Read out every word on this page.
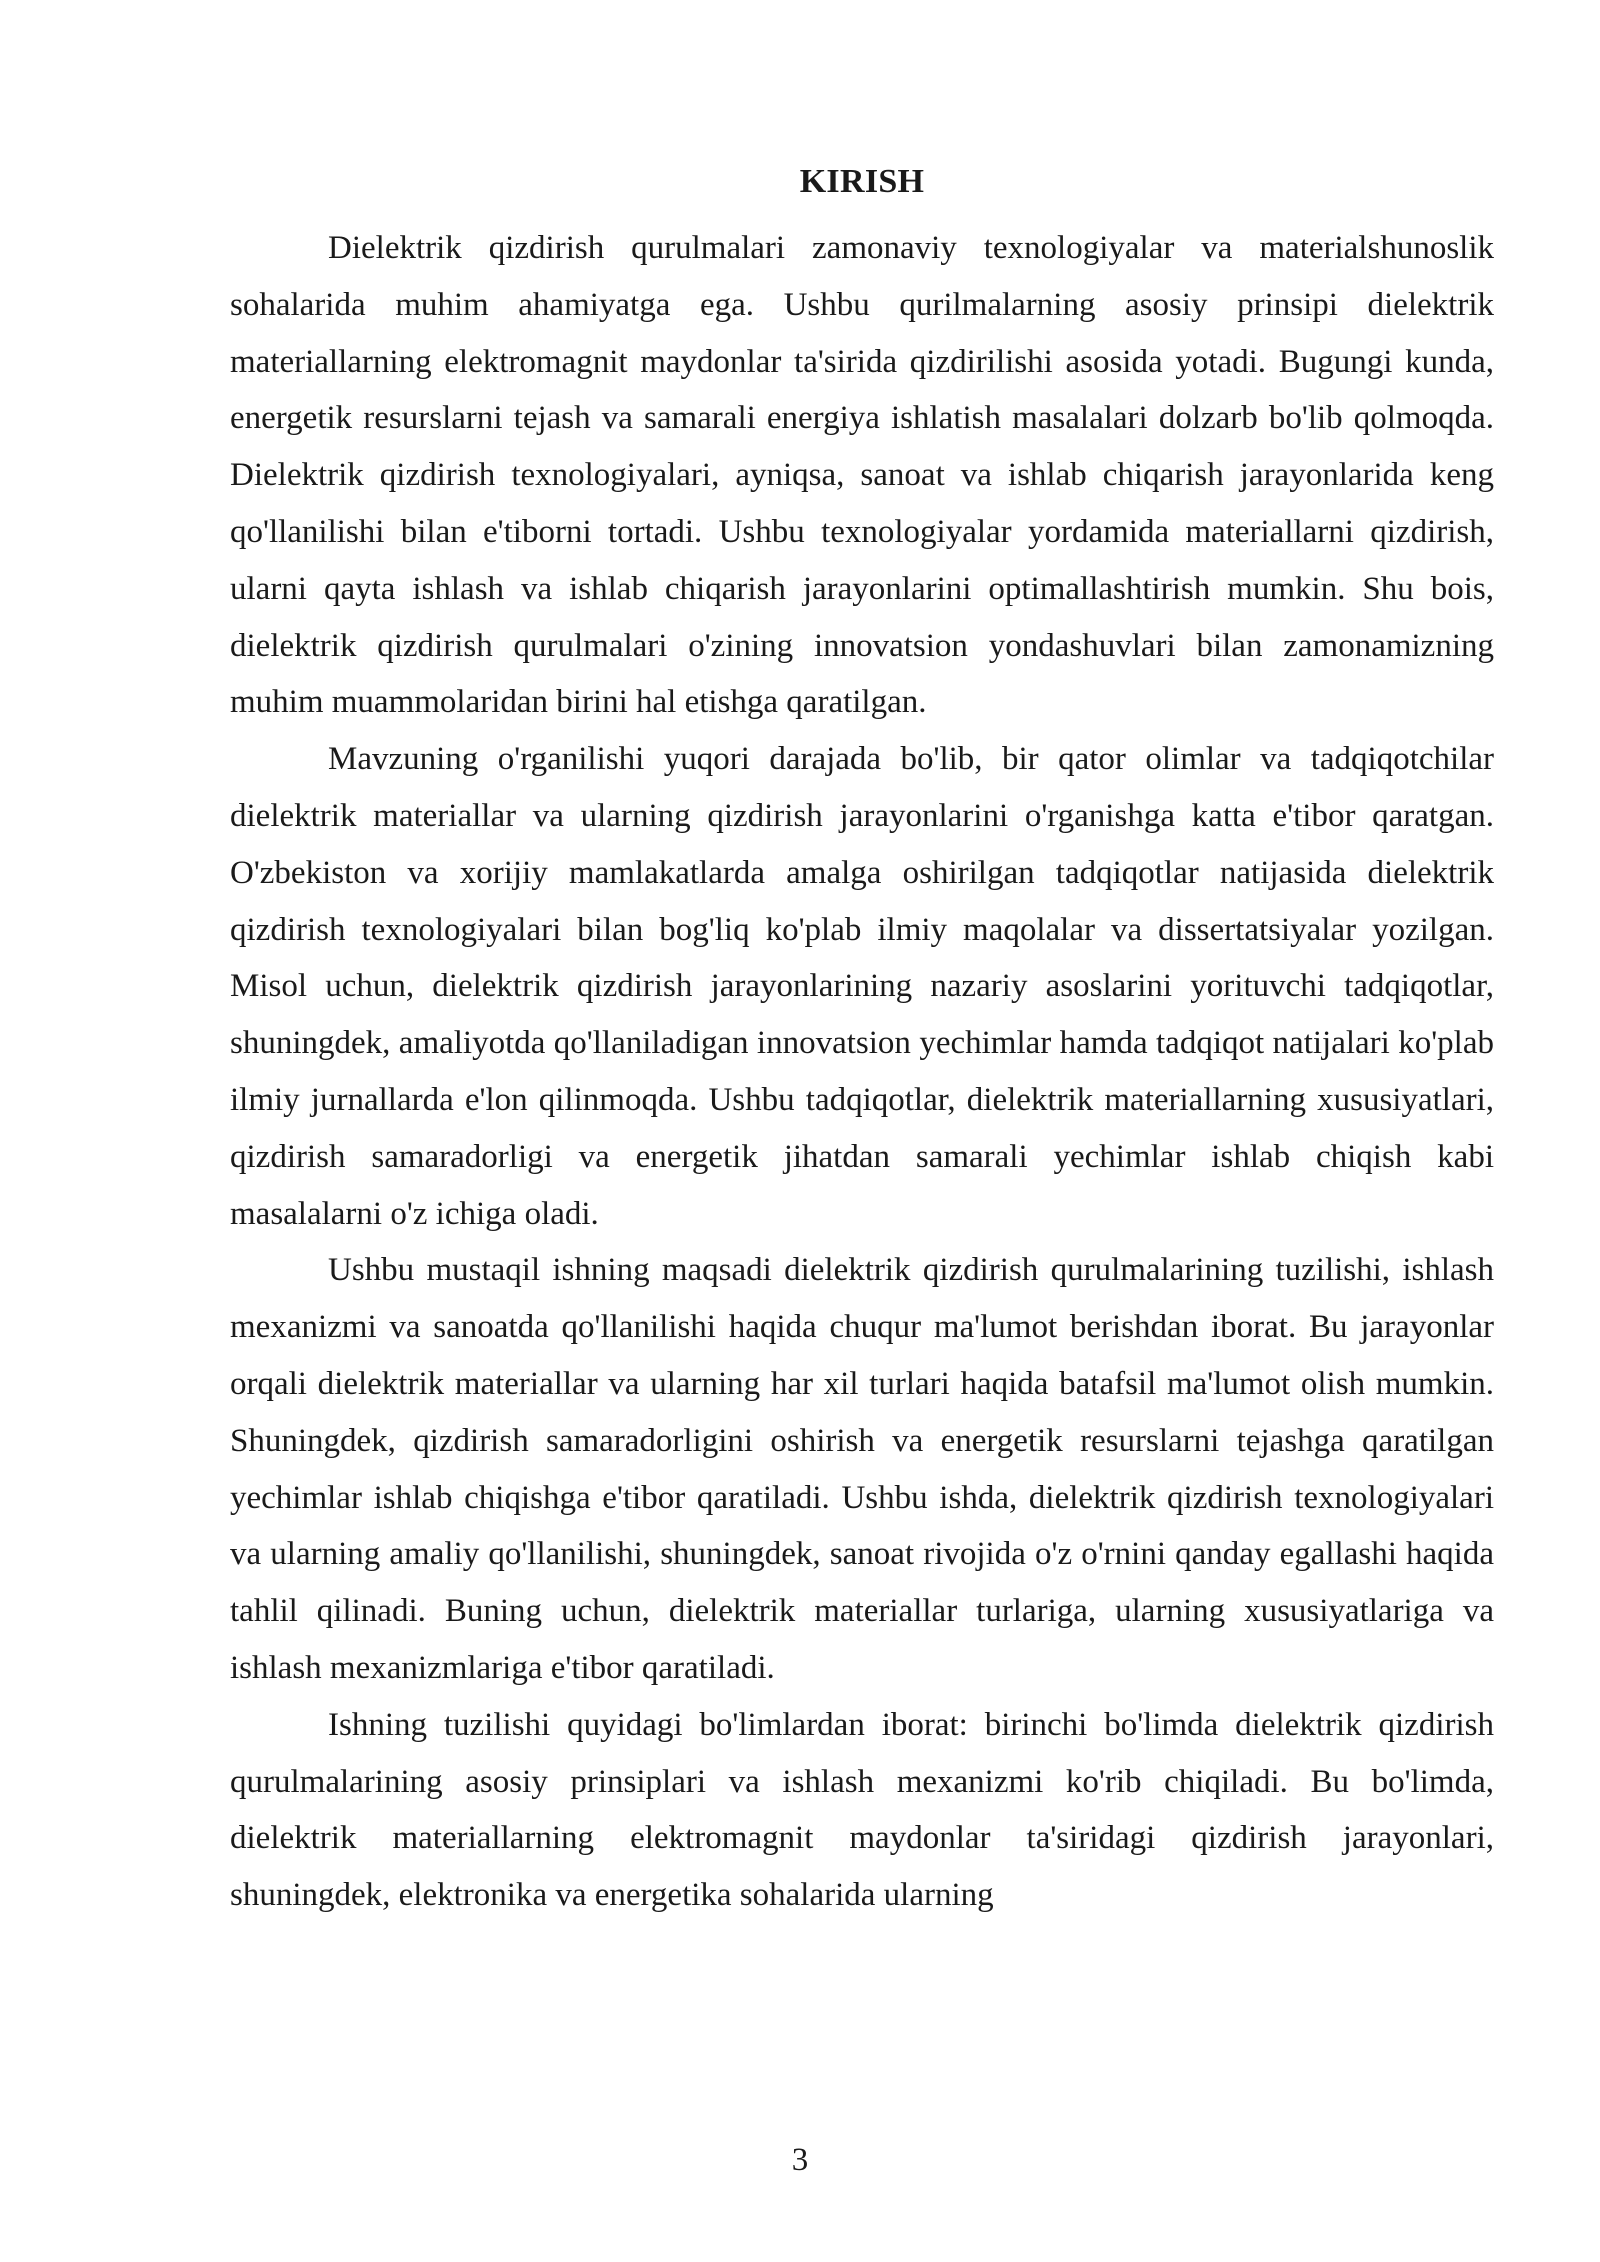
KIRISH

Dielektrik qizdirish qurulmalari zamonaviy texnologiyalar va materialshunoslik sohalarida muhim ahamiyatga ega. Ushbu qurilmalarning asosiy prinsipi dielektrik materiallarning elektromagnit maydonlar ta'sirida qizdirilishi asosida yotadi. Bugungi kunda, energetik resurslarni tejash va samarali energiya ishlatish masalalari dolzarb bo'lib qolmoqda. Dielektrik qizdirish texnologiyalari, ayniqsa, sanoat va ishlab chiqarish jarayonlarida keng qo'llanilishi bilan e'tiborni tortadi. Ushbu texnologiyalar yordamida materiallarni qizdirish, ularni qayta ishlash va ishlab chiqarish jarayonlarini optimallashtirish mumkin. Shu bois, dielektrik qizdirish qurulmalari o'zining innovatsion yondashuvlari bilan zamonamizning muhim muammolaridan birini hal etishga qaratilgan.

Mavzuning o'rganilishi yuqori darajada bo'lib, bir qator olimlar va tadqiqotchilar dielektrik materiallar va ularning qizdirish jarayonlarini o'rganishga katta e'tibor qaratgan. O'zbekiston va xorijiy mamlakatlarda amalga oshirilgan tadqiqotlar natijasida dielektrik qizdirish texnologiyalari bilan bog'liq ko'plab ilmiy maqolalar va dissertatsiyalar yozilgan. Misol uchun, dielektrik qizdirish jarayonlarining nazariy asoslarini yorituvchi tadqiqotlar, shuningdek, amaliyotda qo'llaniladigan innovatsion yechimlar hamda tadqiqot natijalari ko'plab ilmiy jurnallarda e'lon qilinmoqda. Ushbu tadqiqotlar, dielektrik materiallarning xususiyatlari, qizdirish samaradorligi va energetik jihatdan samarali yechimlar ishlab chiqish kabi masalalarni o'z ichiga oladi.

Ushbu mustaqil ishning maqsadi dielektrik qizdirish qurulmalarining tuzilishi, ishlash mexanizmi va sanoatda qo'llanilishi haqida chuqur ma'lumot berishdan iborat. Bu jarayonlar orqali dielektrik materiallar va ularning har xil turlari haqida batafsil ma'lumot olish mumkin. Shuningdek, qizdirish samaradorligini oshirish va energetik resurslarni tejashga qaratilgan yechimlar ishlab chiqishga e'tibor qaratiladi. Ushbu ishda, dielektrik qizdirish texnologiyalari va ularning amaliy qo'llanilishi, shuningdek, sanoat rivojida o'z o'rnini qanday egallashi haqida tahlil qilinadi. Buning uchun, dielektrik materiallar turlariga, ularning xususiyatlariga va ishlash mexanizmlariga e'tibor qaratiladi.

Ishning tuzilishi quyidagi bo'limlardan iborat: birinchi bo'limda dielektrik qizdirish qurulmalarining asosiy prinsiplari va ishlash mexanizmi ko'rib chiqiladi. Bu bo'limda, dielektrik materiallarning elektromagnit maydonlar ta'siridagi qizdirish jarayonlari, shuningdek, elektronika va energetika sohalarida ularning

3
